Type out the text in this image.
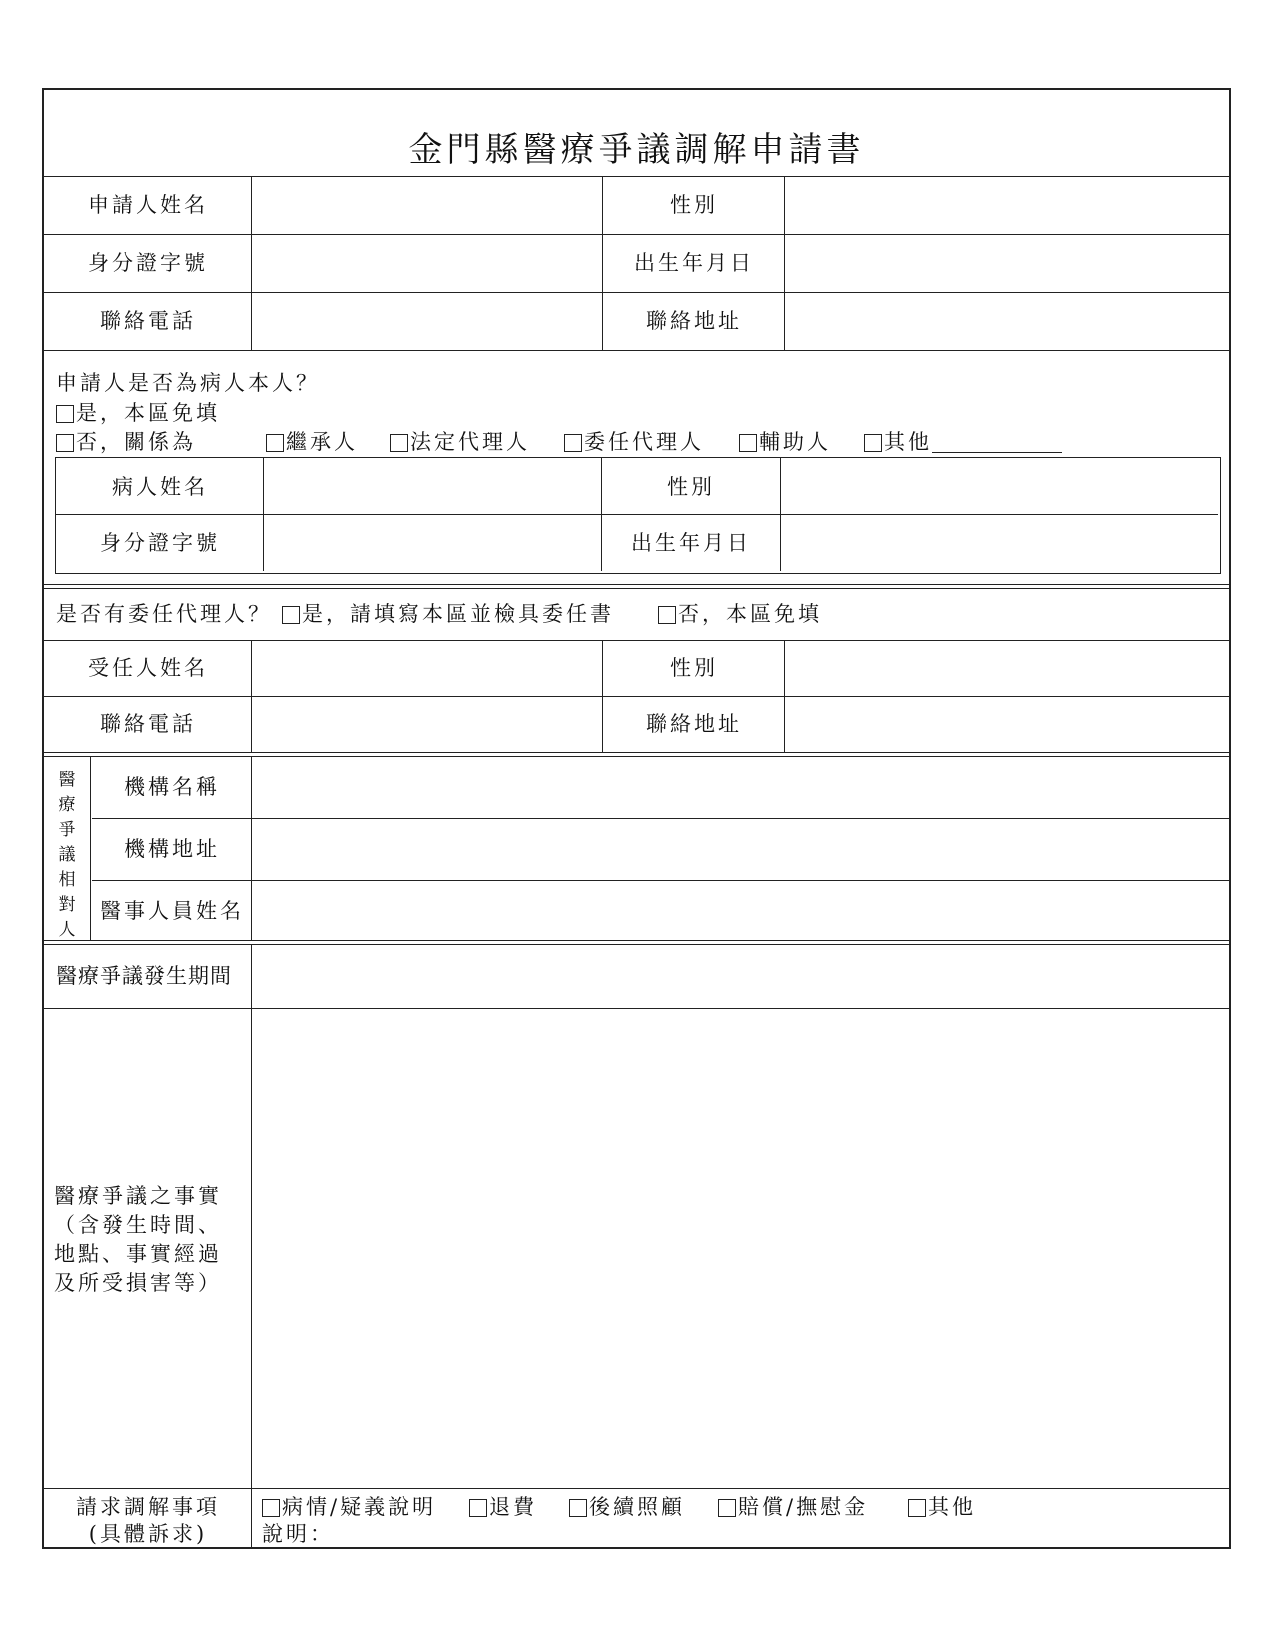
金門縣醫療爭議調解申請書
申請人姓名	性別
身分證字號	出生年月日
聯絡電話	聯絡地址
申請人是否為病人本人？
是，本區免填
否，關係為	繼承人	法定代理人	委任代理人	輔助人	其他
病人姓名	性別
身分證字號	出生年月日
是否有委任代理人？	是，請填寫本區並檢具委任書	否，本區免填
受任人姓名	性別
聯絡電話	聯絡地址
醫
療
爭
議
相
對
人
機構名稱
機構地址
醫事人員姓名
醫療爭議發生期間
醫療爭議之事實
（含發生時間、
地點、事實經過
及所受損害等）
請求調解事項
(具體訴求)
病情/疑義說明	退費	後續照顧	賠償/撫慰金	其他
說明：
